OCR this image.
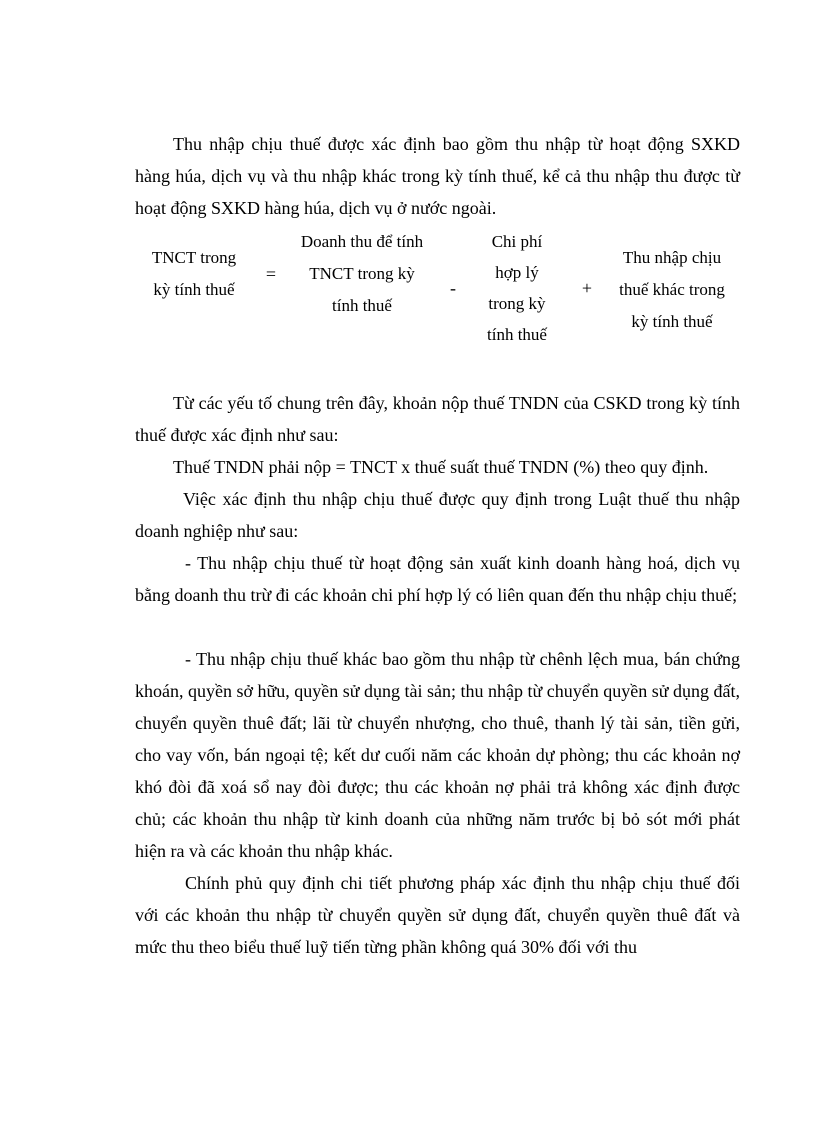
Thu nhập chịu thuế được xác định bao gồm thu nhập từ hoạt động SXKD hàng húa, dịch vụ và thu nhập khác trong kỳ tính thuế, kể cả thu nhập thu được từ hoạt động SXKD hàng húa, dịch vụ ở nước ngoài.

TNCT trong
kỳ tính thuế
=
Doanh thu để tính
TNCT trong kỳ
tính thuế
-
Chi phí
hợp lý
trong kỳ
tính thuế
+
Thu nhập chịu
thuế khác trong
kỳ tính thuế

Từ các yếu tố chung trên đây, khoản nộp thuế TNDN của CSKD trong kỳ tính thuế được xác định như sau:

Thuế TNDN phải nộp = TNCT x thuế suất thuế TNDN (%) theo quy định.

Việc xác định thu nhập chịu thuế được quy định trong Luật thuế thu nhập doanh nghiệp như sau:

- Thu nhập chịu thuế từ hoạt động sản xuất kinh doanh hàng hoá, dịch vụ bằng doanh thu trừ đi các khoản chi phí hợp lý có liên quan đến thu nhập chịu thuế;

- Thu nhập chịu thuế khác bao gồm thu nhập từ chênh lệch mua, bán chứng khoán, quyền sở hữu, quyền sử dụng tài sản; thu nhập từ chuyển quyền sử dụng đất, chuyển quyền thuê đất; lãi từ chuyển nhượng, cho thuê, thanh lý tài sản, tiền gửi, cho vay vốn, bán ngoại tệ; kết dư cuối năm các khoản dự phòng; thu các khoản nợ khó đòi đã xoá sổ nay đòi được; thu các khoản nợ phải trả không xác định được chủ; các khoản thu nhập từ kinh doanh của những năm trước bị bỏ sót mới phát hiện ra và các khoản thu nhập khác.

Chính phủ quy định chi tiết phương pháp xác định thu nhập chịu thuế đối với các khoản thu nhập từ chuyển quyền sử dụng đất, chuyển quyền thuê đất và mức thu theo biểu thuế luỹ tiến từng phần không quá 30% đối với thu
